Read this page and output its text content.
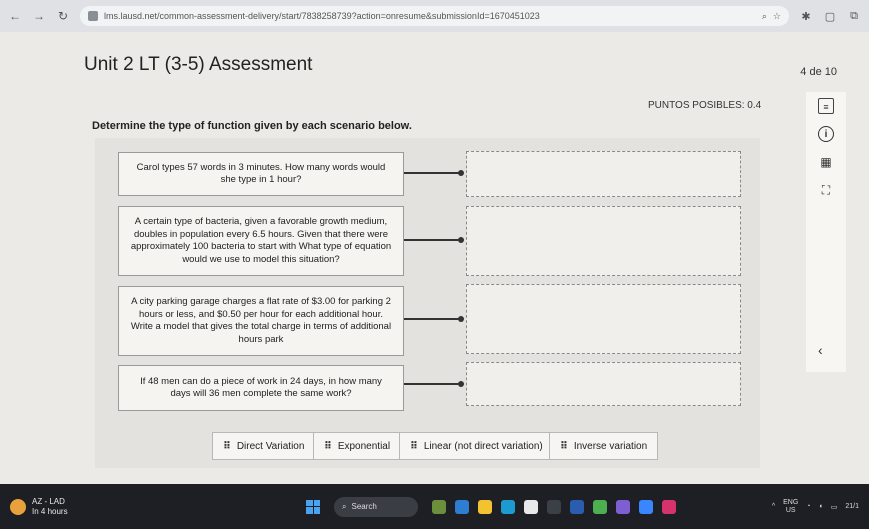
← → ↻	lms.lausd.net/common-assessment-delivery/start/7838258739?action=onresume&submissionId=1670451023	⌕ ☆ ✱ ▢ ⧉
Unit 2 LT (3-5) Assessment	4 de 10
PUNTOS POSIBLES: 0.4
Determine the type of function given by each scenario below.
≡
i
▦
⛶
‹
Carol types 57 words in 3 minutes. How many words would she type in 1 hour?
A certain type of bacteria, given a favorable growth medium, doubles in population every 6.5 hours. Given that there were approximately 100 bacteria to start with What type of equation would we use to model this situation?
A city parking garage charges a flat rate of $3.00 for parking 2 hours or less, and $0.50 per hour for each additional hour. Write a model that gives the total charge in terms of additional hours park
If 48 men can do a piece of work in 24 days, in how many days will 36 men complete the same work?
⠿ Direct Variation ⠿ Exponential ⠿ Linear (not direct variation) ⠿ Inverse variation
AZ - LAD
In 4 hours
⌕ Search	^
ENG
US	◔ ◖ ▭ 21/1
